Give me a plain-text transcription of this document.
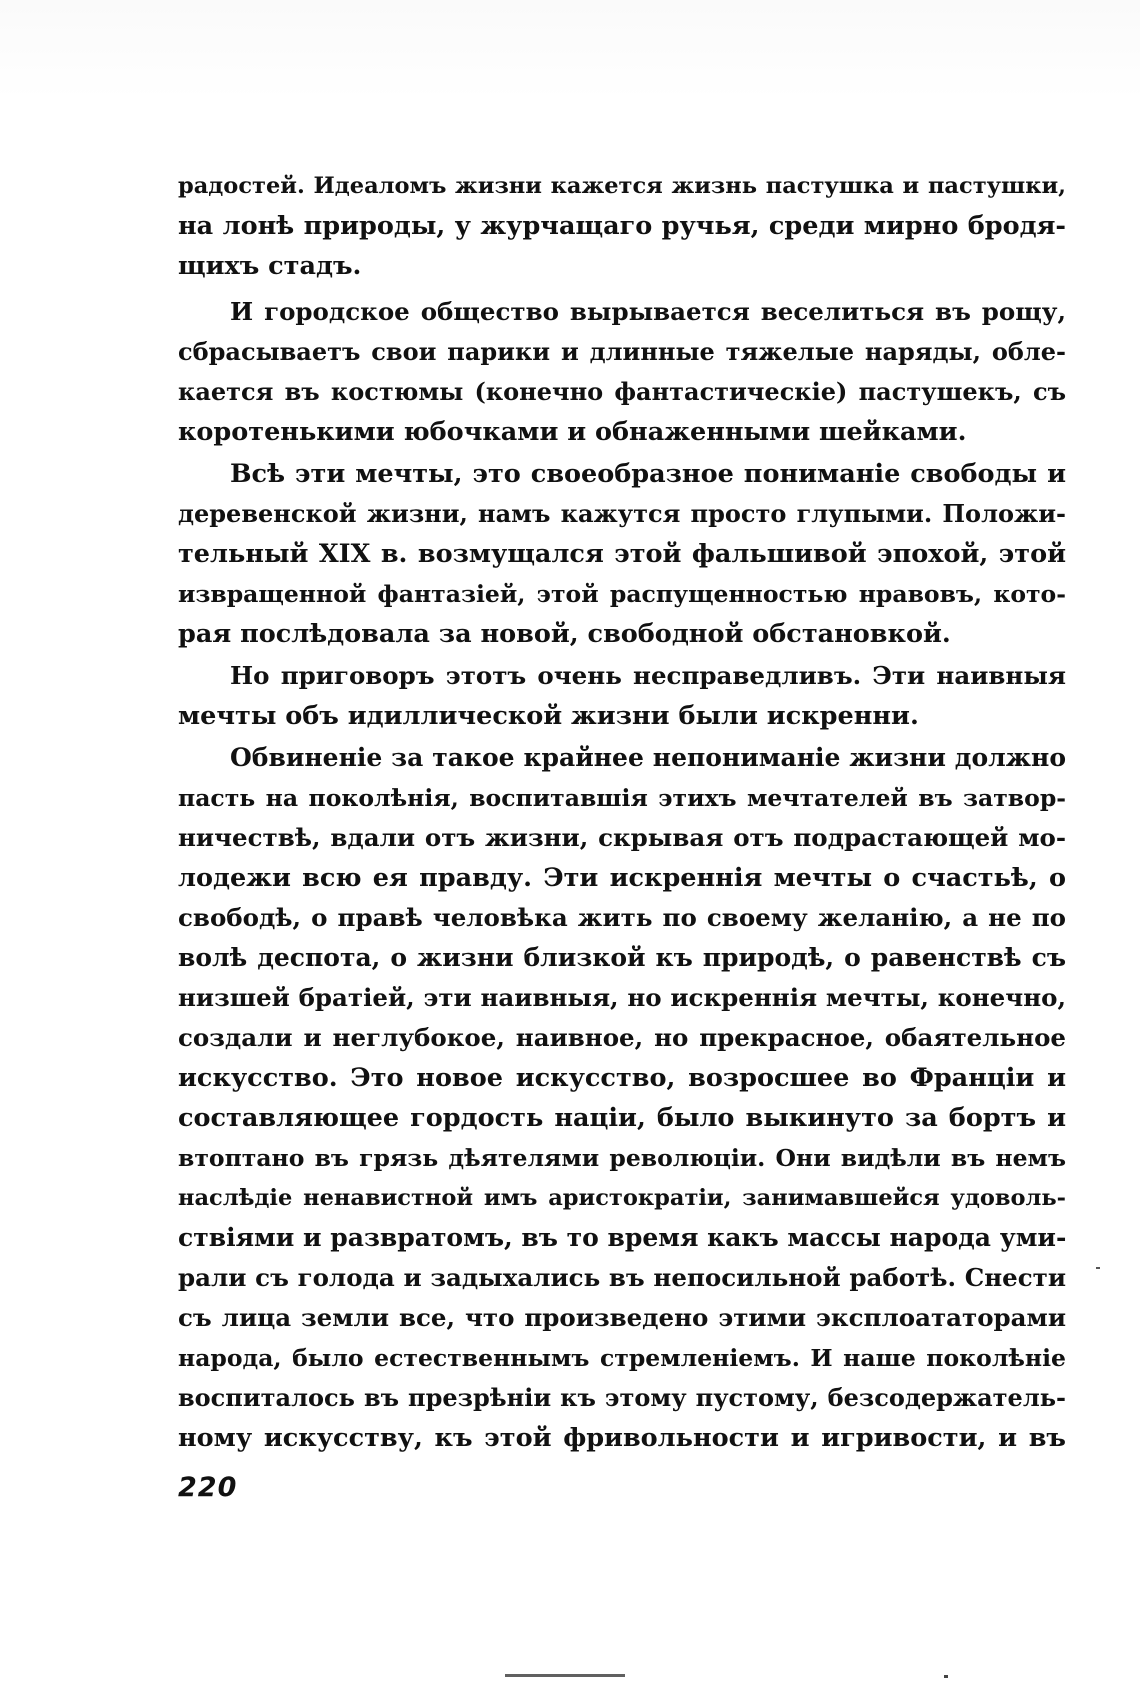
радостей. Идеаломъ жизни кажется жизнь пастушка и пастушки,
на лонѣ природы, у журчащаго ручья, среди мирно бродя-
щихъ стадъ.
И городское общество вырывается веселиться въ рощу,
сбрасываетъ свои парики и длинные тяжелые наряды, обле-
кается въ костюмы (конечно фантастическіе) пастушекъ, съ
коротенькими юбочками и обнаженными шейками.
Всѣ эти мечты, это своеобразное пониманіе свободы и
деревенской жизни, намъ кажутся просто глупыми. Положи-
тельный XIX в. возмущался этой фальшивой эпохой, этой
извращенной фантазіей, этой распущенностью нравовъ, кото-
рая послѣдовала за новой, свободной обстановкой.
Но приговоръ этотъ очень несправедливъ. Эти наивныя
мечты объ идиллической жизни были искренни.
Обвиненіе за такое крайнее непониманіе жизни должно
пасть на поколѣнія, воспитавшія этихъ мечтателей въ затвор-
ничествѣ, вдали отъ жизни, скрывая отъ подрастающей мо-
лодежи всю ея правду. Эти искреннія мечты о счастьѣ, о
свободѣ, о правѣ человѣка жить по своему желанію, а не по
волѣ деспота, о жизни близкой къ природѣ, о равенствѣ съ
низшей братіей, эти наивныя, но искреннія мечты, конечно,
создали и неглубокое, наивное, но прекрасное, обаятельное
искусство. Это новое искусство, возросшее во Франціи и
составляющее гордость націи, было выкинуто за бортъ и
втоптано въ грязь дѣятелями революціи. Они видѣли въ немъ
наслѣдіе ненавистной имъ аристократіи, занимавшейся удоволь-
ствіями и развратомъ, въ то время какъ массы народа уми-
рали съ голода и задыхались въ непосильной работѣ. Снести
съ лица земли все, что произведено этими эксплоататорами
народа, было естественнымъ стремленіемъ. И наше поколѣніе
воспиталось въ презрѣніи къ этому пустому, безсодержатель-
ному искусству, къ этой фривольности и игривости, и въ
220
